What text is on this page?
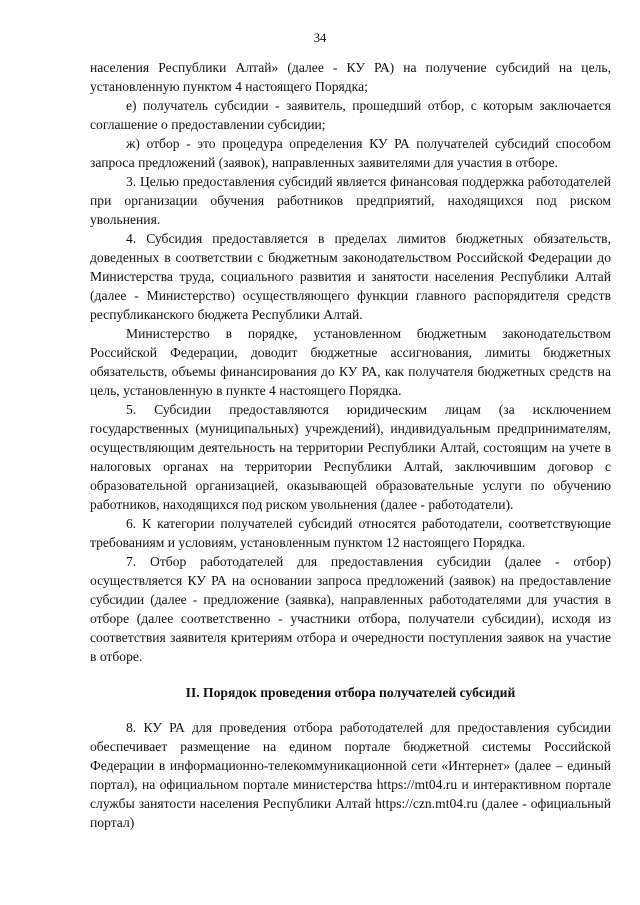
34

населения Республики Алтай» (далее - КУ РА) на получение субсидий на цель, установленную пунктом 4 настоящего Порядка;

е) получатель субсидии - заявитель, прошедший отбор, с которым заключается соглашение о предоставлении субсидии;

ж) отбор - это процедура определения КУ РА получателей субсидий способом запроса предложений (заявок), направленных заявителями для участия в отборе.

3. Целью предоставления субсидий является финансовая поддержка работодателей при организации обучения работников предприятий, находящихся под риском увольнения.

4. Субсидия предоставляется в пределах лимитов бюджетных обязательств, доведенных в соответствии с бюджетным законодательством Российской Федерации до Министерства труда, социального развития и занятости населения Республики Алтай (далее - Министерство) осуществляющего функции главного распорядителя средств республиканского бюджета Республики Алтай.

Министерство в порядке, установленном бюджетным законодательством Российской Федерации, доводит бюджетные ассигнования, лимиты бюджетных обязательств, объемы финансирования до КУ РА, как получателя бюджетных средств на цель, установленную в пункте 4 настоящего Порядка.

5. Субсидии предоставляются юридическим лицам (за исключением государственных (муниципальных) учреждений), индивидуальным предпринимателям, осуществляющим деятельность на территории Республики Алтай, состоящим на учете в налоговых органах на территории Республики Алтай, заключившим договор с образовательной организацией, оказывающей образовательные услуги по обучению работников, находящихся под риском увольнения (далее - работодатели).

6. К категории получателей субсидий относятся работодатели, соответствующие требованиям и условиям, установленным пунктом 12 настоящего Порядка.

7. Отбор работодателей для предоставления субсидии (далее - отбор) осуществляется КУ РА на основании запроса предложений (заявок) на предоставление субсидии (далее - предложение (заявка), направленных работодателями для участия в отборе (далее соответственно - участники отбора, получатели субсидии), исходя из соответствия заявителя критериям отбора и очередности поступления заявок на участие в отборе.

II. Порядок проведения отбора получателей субсидий

8. КУ РА для проведения отбора работодателей для предоставления субсидии обеспечивает размещение на едином портале бюджетной системы Российской Федерации в информационно-телекоммуникационной сети «Интернет» (далее – единый портал), на официальном портале министерства https://mt04.ru и интерактивном портале службы занятости населения Республики Алтай https://czn.mt04.ru (далее - официальный портал)
